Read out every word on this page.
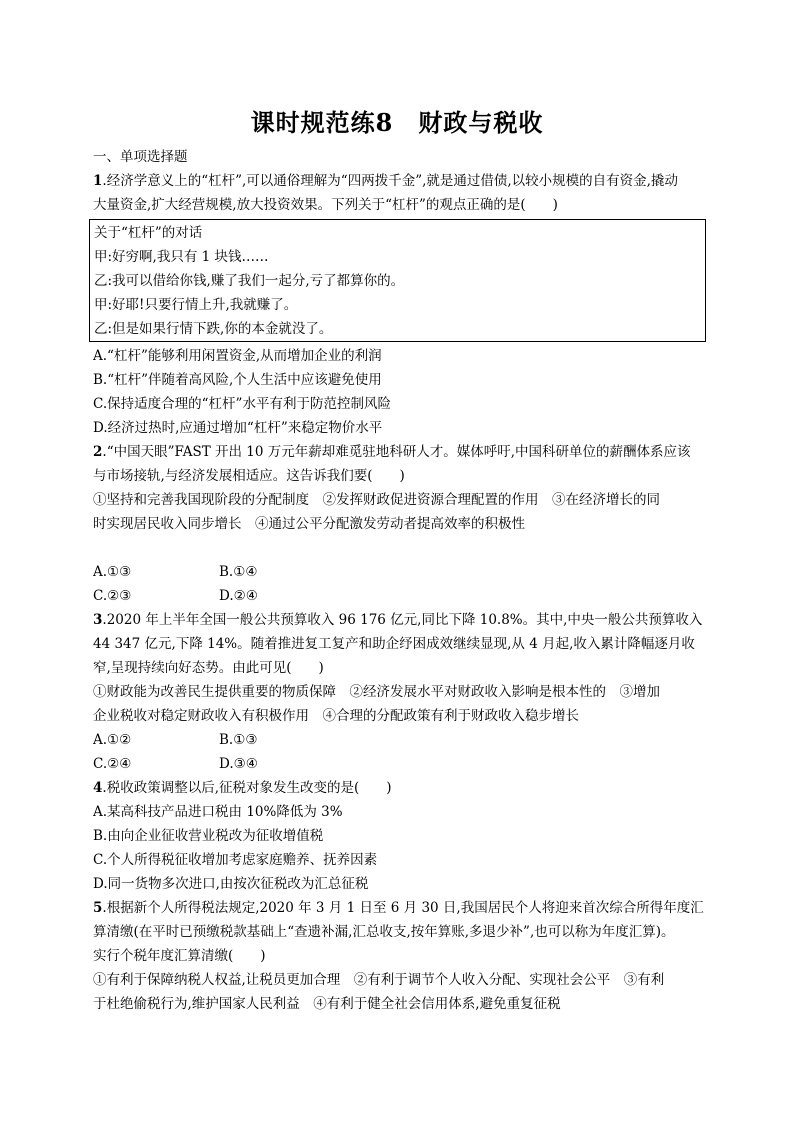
课时规范练8　财政与税收
一、单项选择题
1.经济学意义上的“杠杆”,可以通俗理解为“四两拨千金”,就是通过借债,以较小规模的自有资金,撬动
大量资金,扩大经营规模,放大投资效果。下列关于“杠杆”的观点正确的是(　　)
关于“杠杆”的对话
甲:好穷啊,我只有 1 块钱……
乙:我可以借给你钱,赚了我们一起分,亏了都算你的。
甲:好耶!只要行情上升,我就赚了。
乙:但是如果行情下跌,你的本金就没了。
A.“杠杆”能够利用闲置资金,从而增加企业的利润
B.“杠杆”伴随着高风险,个人生活中应该避免使用
C.保持适度合理的“杠杆”水平有利于防范控制风险
D.经济过热时,应通过增加“杠杆”来稳定物价水平
2.“中国天眼”FAST 开出 10 万元年薪却难觅驻地科研人才。媒体呼吁,中国科研单位的薪酬体系应该
与市场接轨,与经济发展相适应。这告诉我们要(　　)
①坚持和完善我国现阶段的分配制度　②发挥财政促进资源合理配置的作用　③在经济增长的同
时实现居民收入同步增长　④通过公平分配激发劳动者提高效率的积极性
A.①③	B.①④
C.②③	D.②④
3.2020 年上半年全国一般公共预算收入 96 176 亿元,同比下降 10.8%。其中,中央一般公共预算收入
44 347 亿元,下降 14%。随着推进复工复产和助企纾困成效继续显现,从 4 月起,收入累计降幅逐月收
窄,呈现持续向好态势。由此可见(　　)
①财政能为改善民生提供重要的物质保障　②经济发展水平对财政收入影响是根本性的　③增加
企业税收对稳定财政收入有积极作用　④合理的分配政策有利于财政收入稳步增长
A.①②	B.①③
C.②④	D.③④
4.税收政策调整以后,征税对象发生改变的是(　　)
A.某高科技产品进口税由 10%降低为 3%
B.由向企业征收营业税改为征收增值税
C.个人所得税征收增加考虑家庭赡养、抚养因素
D.同一货物多次进口,由按次征税改为汇总征税
5.根据新个人所得税法规定,2020 年 3 月 1 日至 6 月 30 日,我国居民个人将迎来首次综合所得年度汇
算清缴(在平时已预缴税款基础上“查遗补漏,汇总收支,按年算账,多退少补”,也可以称为年度汇算)。
实行个税年度汇算清缴(　　)
①有利于保障纳税人权益,让税员更加合理　②有利于调节个人收入分配、实现社会公平　③有利
于杜绝偷税行为,维护国家人民利益　④有利于健全社会信用体系,避免重复征税
